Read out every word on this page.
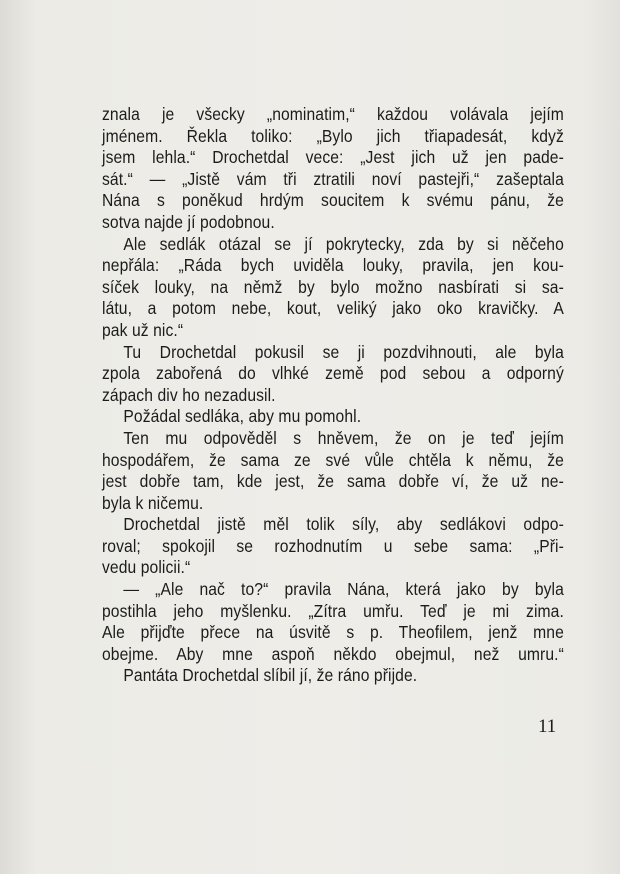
znala je všecky „nominatim,“ každou volávala jejím
jménem. Řekla toliko: „Bylo jich třiapadesát, když
jsem lehla.“ Drochetdal vece: „Jest jich už jen pade-
sát.“ — „Jistě vám tři ztratili noví pastejři,“ zašeptala
Nána s poněkud hrdým soucitem k svému pánu, že
sotva najde jí podobnou.
Ale sedlák otázal se jí pokrytecky, zda by si něčeho
nepřála: „Ráda bych uviděla louky, pravila, jen kou-
síček louky, na němž by bylo možno nasbírati si sa-
látu, a potom nebe, kout, veliký jako oko kravičky. A
pak už nic.“
Tu Drochetdal pokusil se ji pozdvihnouti, ale byla
zpola zabořená do vlhké země pod sebou a odporný
zápach div ho nezadusil.
Požádal sedláka, aby mu pomohl.
Ten mu odpověděl s hněvem, že on je teď jejím
hospodářem, že sama ze své vůle chtěla k němu, že
jest dobře tam, kde jest, že sama dobře ví, že už ne-
byla k ničemu.
Drochetdal jistě měl tolik síly, aby sedlákovi odpo-
roval; spokojil se rozhodnutím u sebe sama: „Při-
vedu policii.“
— „Ale nač to?“ pravila Nána, která jako by byla
postihla jeho myšlenku. „Zítra umřu. Teď je mi zima.
Ale přijďte přece na úsvitě s p. Theofilem, jenž mne
obejme. Aby mne aspoň někdo obejmul, než umru.“
Pantáta Drochetdal slíbil jí, že ráno přijde.
11
